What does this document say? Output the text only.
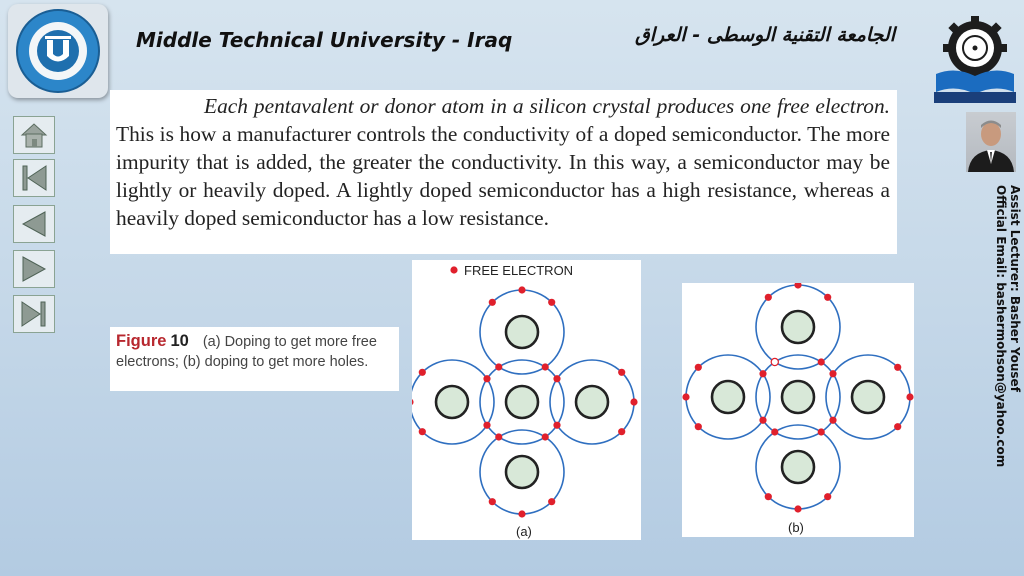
Middle Technical University - Iraq	الجامعة التقنية الوسطى - العراق
Each pentavalent or donor atom in a silicon crystal produces one free electron. This is how a manufacturer controls the conductivity of a doped semiconductor. The more impurity that is added, the greater the conductivity. In this way, a semiconductor may be lightly or heavily doped. A lightly doped semiconductor has a high resistance, whereas a heavily doped semiconductor has a low resistance.
Figure 10 (a) Doping to get more free electrons; (b) doping to get more holes.
FREE ELECTRON
(a)	(b)
Assist Lecturer: Basher Yousef
Official Email: bashermohson@yahoo.com
